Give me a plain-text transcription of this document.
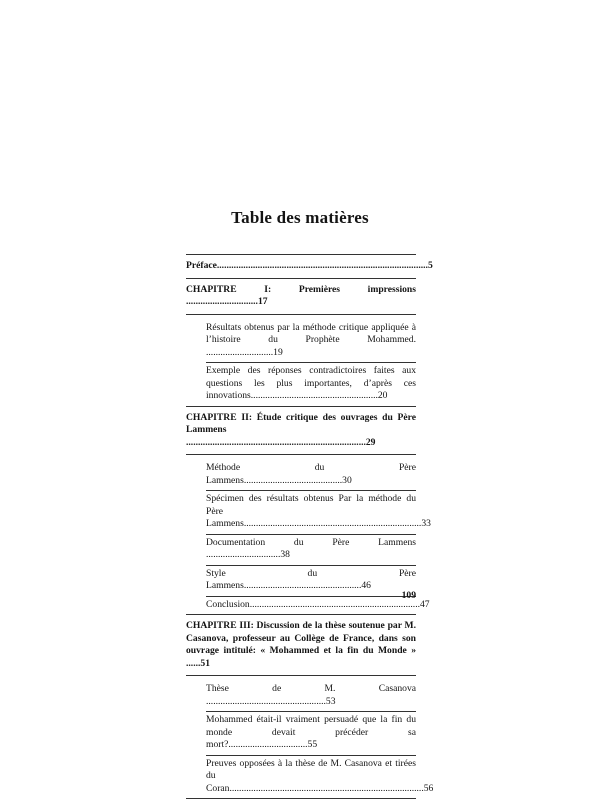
Table des matières
Préface........................................................................................5
CHAPITRE I: Premières impressions ..............................17
Résultats obtenus par la méthode critique appliquée à l’histoire du Prophète Mohammed. ............................19
Exemple des réponses contradictoires faites aux questions les plus importantes, d’après ces innovations.....................................................20
CHAPITRE II: Étude critique des ouvrages du Père Lammens ...........................................................................29
Méthode du Père Lammens.........................................30
Spécimen des résultats obtenus Par la méthode du Père Lammens..........................................................................33
Documentation du Père Lammens ...............................38
Style du Père Lammens.................................................46
Conclusion.......................................................................47
CHAPITRE III: Discussion de la thèse soutenue par M. Casanova, professeur au Collège de France, dans son ouvrage intitulé: « Mohammed et la fin du Monde » ......51
Thèse de M. Casanova ..................................................53
Mohammed était-il vraiment persuadé que la fin du monde devait précéder sa mort?.................................55
Preuves opposées à la thèse de M. Casanova et tirées du Coran.................................................................................56
109
